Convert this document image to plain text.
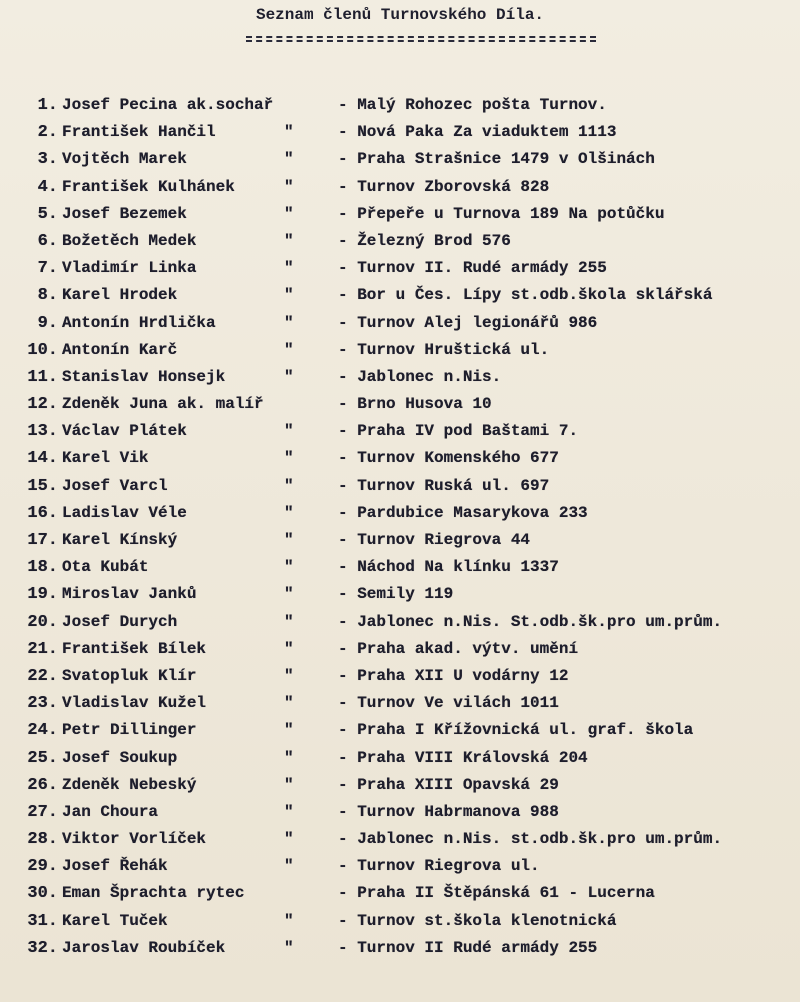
Seznam členů Turnovského Díla.
1. Josef Pecina ak.sochař	- Malý Rohozec pošta Turnov.
2. František Hančil	"	- Nová Paka Za viaduktem 1113
3. Vojtěch Marek	"	- Praha Strašnice 1479 v Olšinách
4. František Kulhánek	"	- Turnov Zborovská 828
5. Josef Bezemek	"	- Přepeře u Turnova 189 Na potůčku
6. Božetěch Medek	"	- Železný Brod 576
7. Vladimír Linka	"	- Turnov II. Rudé armády 255
8. Karel Hrodek	"	- Bor u Čes. Lípy st.odb.škola sklářská
9. Antonín Hrdlička	"	- Turnov Alej legionářů 986
10. Antonín Karč	"	- Turnov Hruštická ul.
11. Stanislav Honsejk	"	- Jablonec n.Nis.
12. Zdeněk Juna ak. malíř	- Brno Husova 10
13. Václav Plátek	"	- Praha IV pod Baštami 7.
14. Karel Vik	"	- Turnov Komenského 677
15. Josef Varcl	"	- Turnov Ruská ul. 697
16. Ladislav Véle	"	- Pardubice Masarykova 233
17. Karel Kínský	"	- Turnov Riegrova 44
18. Ota Kubát	"	- Náchod Na klínku 1337
19. Miroslav Janků	"	- Semily 119
20. Josef Durych	"	- Jablonec n.Nis. St.odb.šk.pro um.prům.
21. František Bílek	"	- Praha akad. výtv. umění
22. Svatopluk Klír	"	- Praha XII U vodárny 12
23. Vladislav Kužel	"	- Turnov Ve vilách 1011
24. Petr Dillinger	"	- Praha I Křížovnická ul. graf. škola
25. Josef Soukup	"	- Praha VIII Královská 204
26. Zdeněk Nebeský	"	- Praha XIII Opavská 29
27. Jan Choura	"	- Turnov Habrmanova 988
28. Viktor Vorlíček	"	- Jablonec n.Nis. st.odb.šk.pro um.prům.
29. Josef Řehák	"	- Turnov Riegrova ul.
30. Eman Šprachta rytec	- Praha II Štěpánská 61 - Lucerna
31. Karel Tuček	"	- Turnov st.škola klenotnická
32. Jaroslav Roubíček	"	- Turnov II Rudé armády 255
